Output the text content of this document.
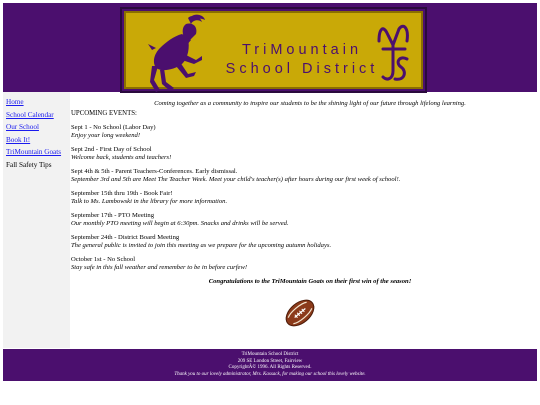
TriMountain
School District
Home
School Calendar
Our School
Book It!
TriMountain Goats
Fall Safety Tips
Coming together as a community to inspire our students to be the shining light of our future through lifelong learning.
UPCOMING EVENTS:
Sept 1 - No School (Labor Day)
Enjoy your long weekend!
Sept 2nd - First Day of School
Welcome back, students and teachers!
Sept 4th & 5th - Parent Teachers-Conferences. Early dismissal.
September 3rd and 5th are Meet The Teacher Week. Meet your child's teacher(s) after hours during our first week of school!.
September 15th thru 19th - Book Fair!
Talk to Ms. Lambowski in the library for more information.
September 17th - PTO Meeting
Our monthly PTO meeting will begin at 6:30pm. Snacks and drinks will be served.
September 24th - District Board Meeting
The general public is invited to join this meeting as we prepare for the upcoming autumn holidays.
October 1st - No School
Stay safe in this fall weather and remember to be in before curfew!
Congratulations to the TriMountain Goats on their first win of the season!
TriMountain School District
209 SE London Street, Fairview
CopyrightÂ© 1996. All Rights Reserved.
Thank you to our lovely administrator, Mrs. Kassack, for making our school this lovely website.
